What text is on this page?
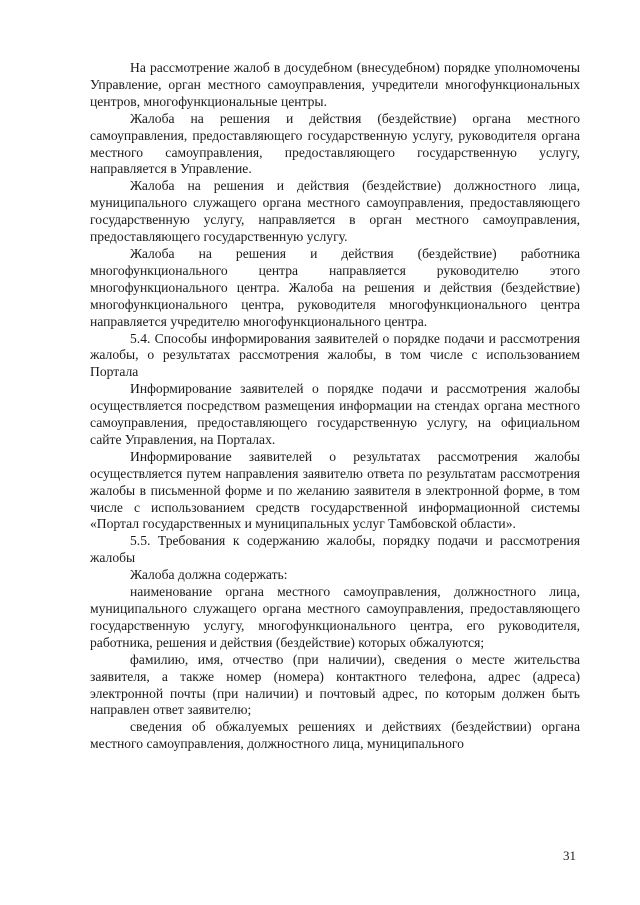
На рассмотрение жалоб в досудебном (внесудебном) порядке уполномочены Управление, орган местного самоуправления, учредители многофункциональных центров, многофункциональные центры.

Жалоба на решения и действия (бездействие) органа местного самоуправления, предоставляющего государственную услугу, руководителя органа местного самоуправления, предоставляющего государственную услугу, направляется в Управление.

Жалоба на решения и действия (бездействие) должностного лица, муниципального служащего органа местного самоуправления, предоставляющего государственную услугу, направляется в орган местного самоуправления, предоставляющего государственную услугу.

Жалоба на решения и действия (бездействие) работника многофункционального центра направляется руководителю этого многофункционального центра. Жалоба на решения и действия (бездействие) многофункционального центра, руководителя многофункционального центра направляется учредителю многофункционального центра.

5.4. Способы информирования заявителей о порядке подачи и рассмотрения жалобы, о результатах рассмотрения жалобы, в том числе с использованием Портала

Информирование заявителей о порядке подачи и рассмотрения жалобы осуществляется посредством размещения информации на стендах органа местного самоуправления, предоставляющего государственную услугу, на официальном сайте Управления, на Порталах.

Информирование заявителей о результатах рассмотрения жалобы осуществляется путем направления заявителю ответа по результатам рассмотрения жалобы в письменной форме и по желанию заявителя в электронной форме, в том числе с использованием средств государственной информационной системы «Портал государственных и муниципальных услуг Тамбовской области».

5.5. Требования к содержанию жалобы, порядку подачи и рассмотрения жалобы

Жалоба должна содержать:

наименование органа местного самоуправления, должностного лица, муниципального служащего органа местного самоуправления, предоставляющего государственную услугу, многофункционального центра, его руководителя, работника, решения и действия (бездействие) которых обжалуются;

фамилию, имя, отчество (при наличии), сведения о месте жительства заявителя, а также номер (номера) контактного телефона, адрес (адреса) электронной почты (при наличии) и почтовый адрес, по которым должен быть направлен ответ заявителю;

сведения об обжалуемых решениях и действиях (бездействии) органа местного самоуправления, должностного лица, муниципального

31
